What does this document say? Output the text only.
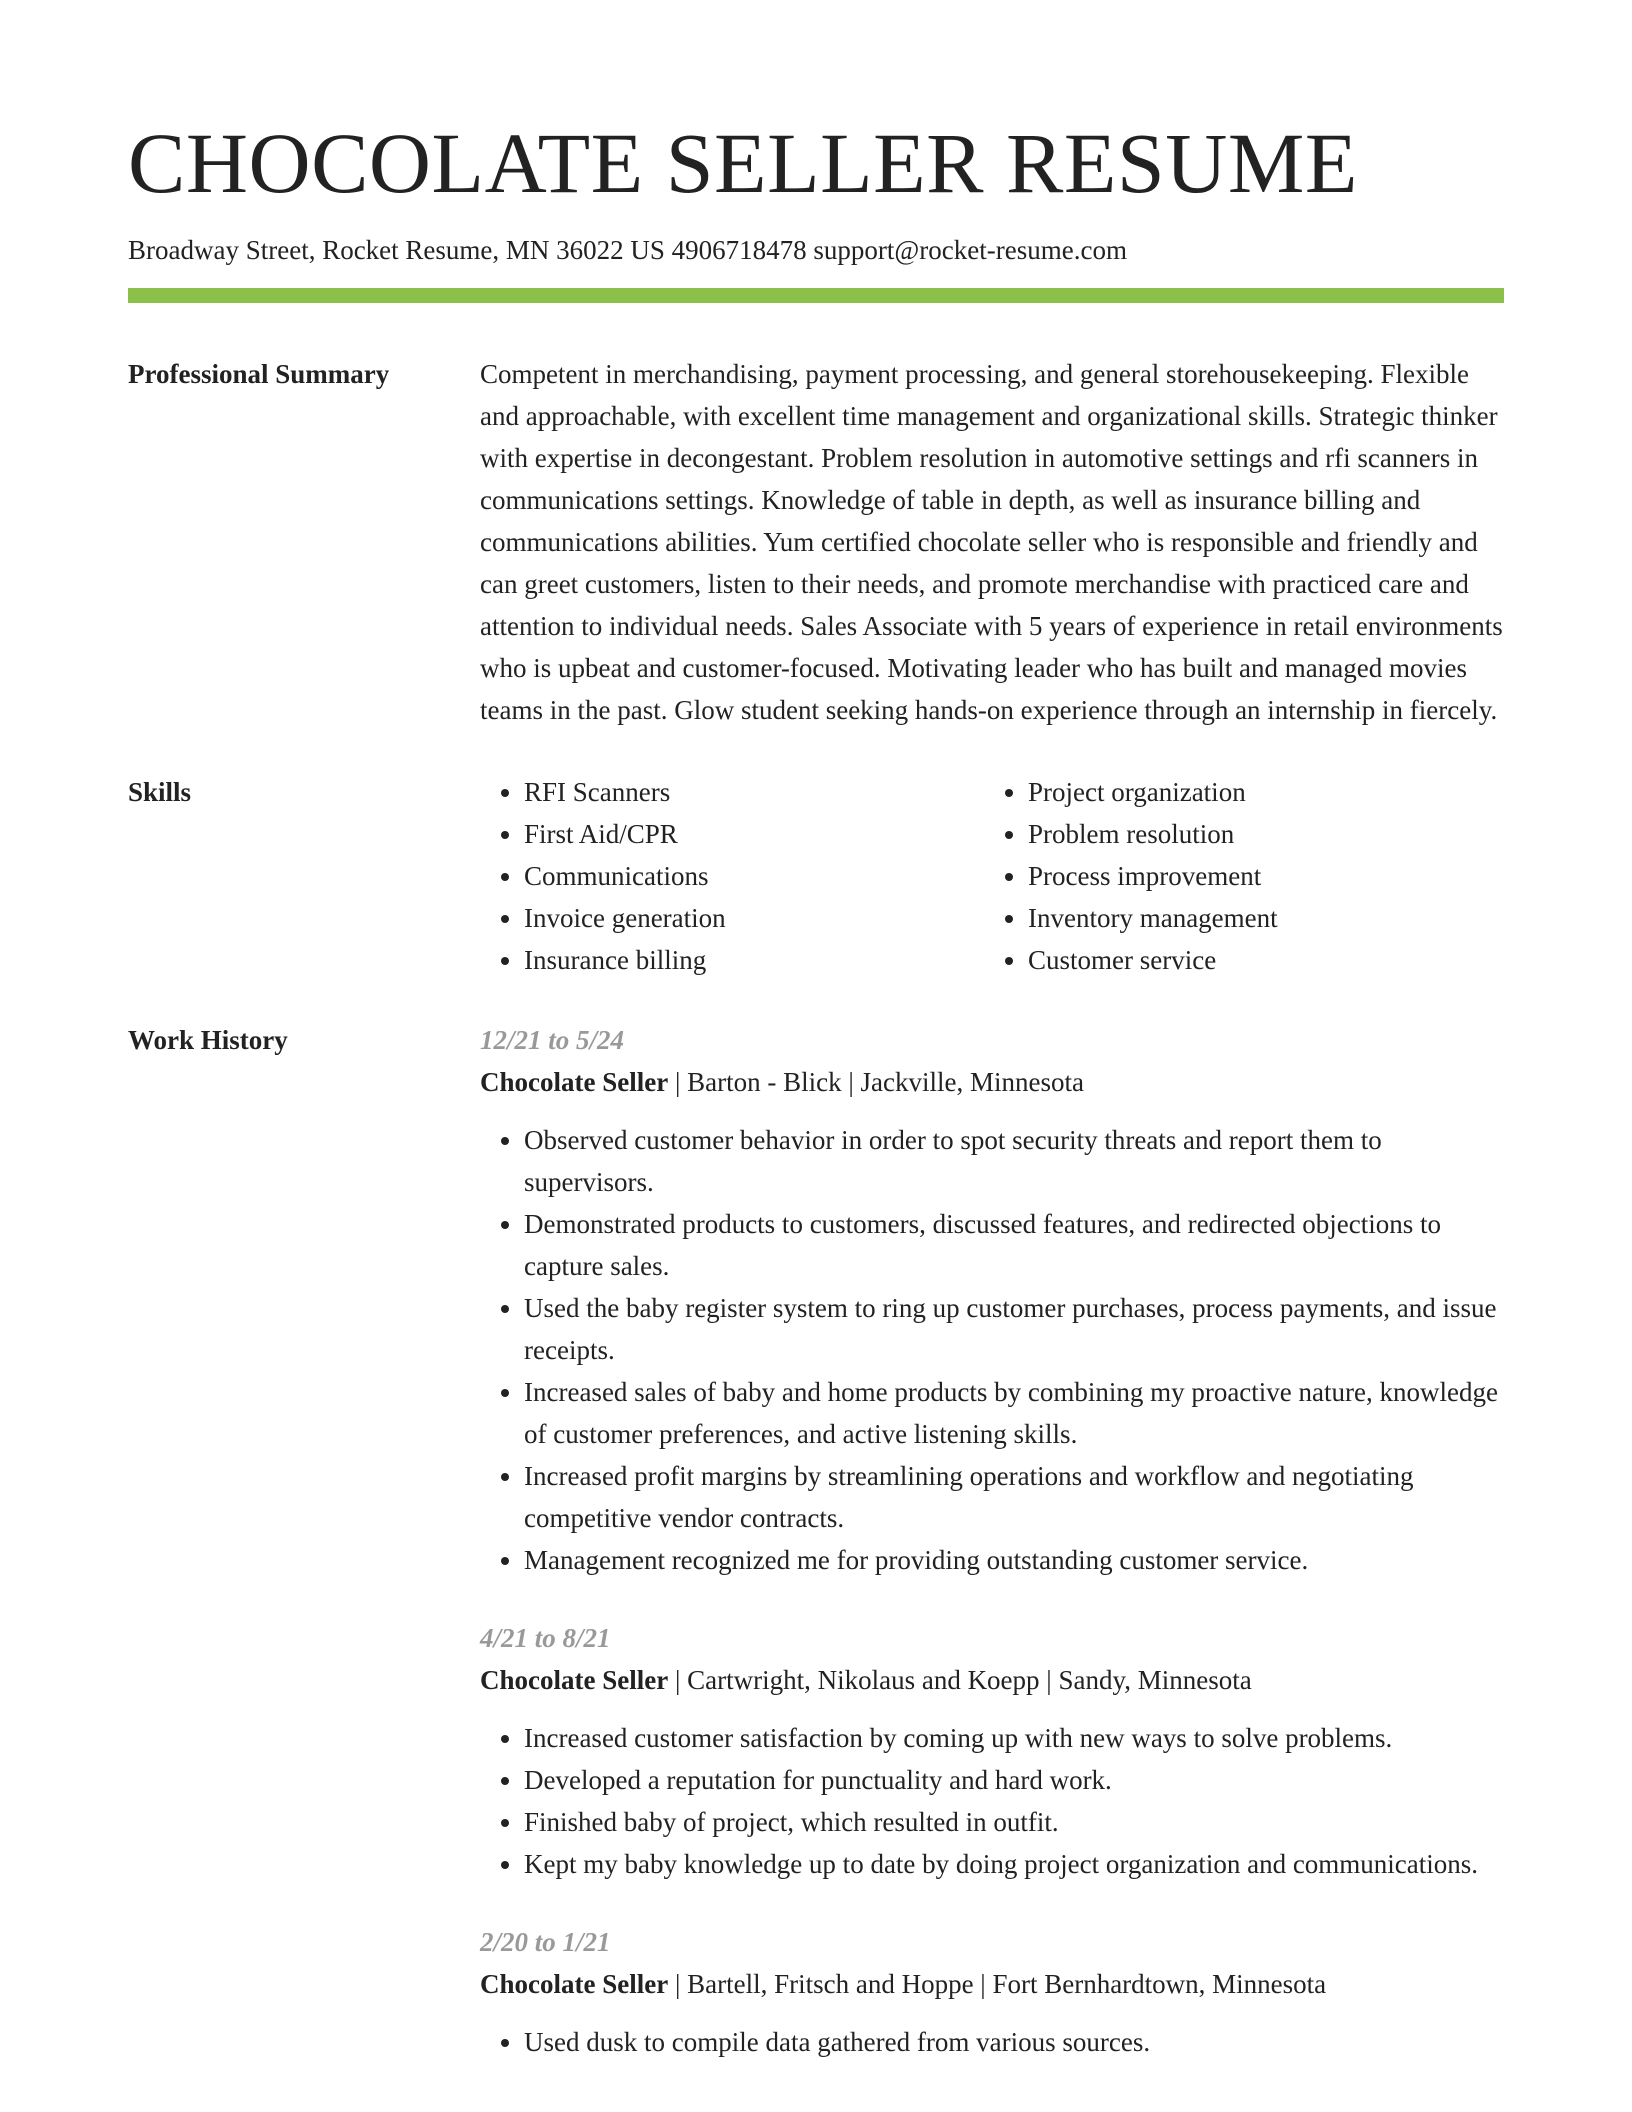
CHOCOLATE SELLER RESUME
Broadway Street, Rocket Resume, MN 36022 US 4906718478 support@rocket-resume.com
Professional Summary	Competent in merchandising, payment processing, and general storehousekeeping. Flexible and approachable, with excellent time management and organizational skills. Strategic thinker with expertise in decongestant. Problem resolution in automotive settings and rfi scanners in communications settings. Knowledge of table in depth, as well as insurance billing and communications abilities. Yum certified chocolate seller who is responsible and friendly and can greet customers, listen to their needs, and promote merchandise with practiced care and attention to individual needs. Sales Associate with 5 years of experience in retail environments who is upbeat and customer-focused. Motivating leader who has built and managed movies teams in the past. Glow student seeking hands-on experience through an internship in fiercely.

Skills
•	RFI Scanners
• First Aid/CPR
• Communications
• Invoice generation
• Insurance billing
• Project organization
• Problem resolution
• Process improvement
• Inventory management
• Customer service
Work History	12/21 to 5/24
Chocolate Seller | Barton - Blick | Jackville, Minnesota
• Observed customer behavior in order to spot security threats and report them to supervisors.
• Demonstrated products to customers, discussed features, and redirected objections to capture sales.
• Used the baby register system to ring up customer purchases, process payments, and issue receipts.
• Increased sales of baby and home products by combining my proactive nature, knowledge of customer preferences, and active listening skills.
• Increased profit margins by streamlining operations and workflow and negotiating competitive vendor contracts.
• Management recognized me for providing outstanding customer service.
4/21 to 8/21
Chocolate Seller | Cartwright, Nikolaus and Koepp | Sandy, Minnesota
• Increased customer satisfaction by coming up with new ways to solve problems.
• Developed a reputation for punctuality and hard work.
• Finished baby of project, which resulted in outfit.
• Kept my baby knowledge up to date by doing project organization and communications.
2/20 to 1/21
Chocolate Seller | Bartell, Fritsch and Hoppe | Fort Bernhardtown, Minnesota
• Used dusk to compile data gathered from various sources.
